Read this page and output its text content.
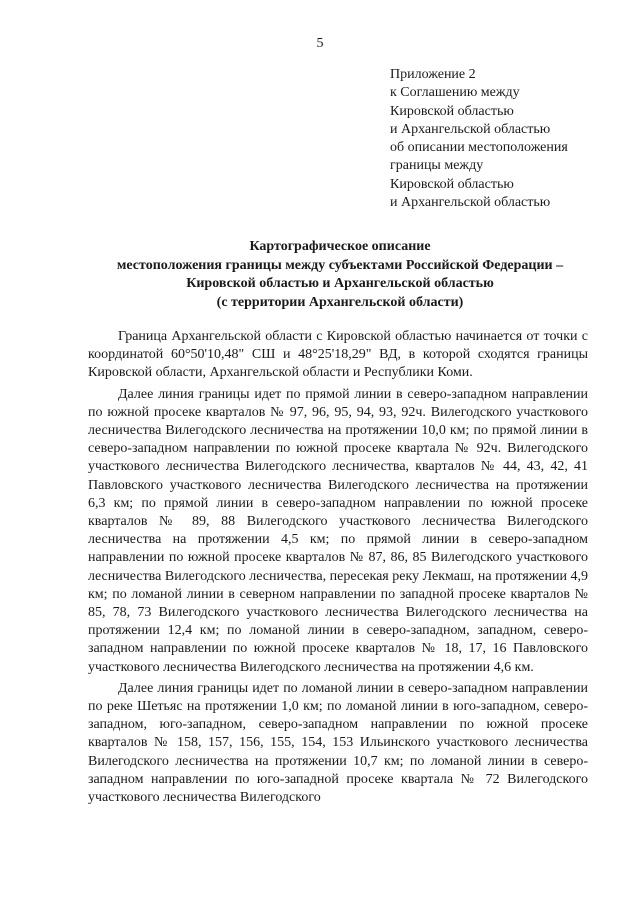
5
Приложение 2
к Соглашению между
Кировской областью
и Архангельской областью
об описании местоположения
границы между
Кировской областью
и Архангельской областью
Картографическое описание
местоположения границы между субъектами Российской Федерации –
Кировской областью и Архангельской областью
(с территории Архангельской области)

Граница Архангельской области с Кировской областью начинается от точки с координатой 60°50'10,48" СШ и 48°25'18,29" ВД, в которой сходятся границы Кировской области, Архангельской области и Республики Коми.

Далее линия границы идет по прямой линии в северо-западном направлении по южной просеке кварталов № 97, 96, 95, 94, 93, 92ч. Вилегодского участкового лесничества Вилегодского лесничества на протяжении 10,0 км; по прямой линии в северо-западном направлении по южной просеке квартала № 92ч. Вилегодского участкового лесничества Вилегодского лесничества, кварталов № 44, 43, 42, 41 Павловского участкового лесничества Вилегодского лесничества на протяжении 6,3 км; по прямой линии в северо-западном направлении по южной просеке кварталов № 89, 88 Вилегодского участкового лесничества Вилегодского лесничества на протяжении 4,5 км; по прямой линии в северо-западном направлении по южной просеке кварталов № 87, 86, 85 Вилегодского участкового лесничества Вилегодского лесничества, пересекая реку Лекмаш, на протяжении 4,9 км; по ломаной линии в северном направлении по западной просеке кварталов № 85, 78, 73 Вилегодского участкового лесничества Вилегодского лесничества на протяжении 12,4 км; по ломаной линии в северо-западном, западном, северо-западном направлении по южной просеке кварталов № 18, 17, 16 Павловского участкового лесничества Вилегодского лесничества на протяжении 4,6 км.

Далее линия границы идет по ломаной линии в северо-западном направлении по реке Шетьяс на протяжении 1,0 км; по ломаной линии в юго-западном, северо-западном, юго-западном, северо-западном направлении по южной просеке кварталов № 158, 157, 156, 155, 154, 153 Ильинского участкового лесничества Вилегодского лесничества на протяжении 10,7 км; по ломаной линии в северо-западном направлении по юго-западной просеке квартала № 72 Вилегодского участкового лесничества Вилегодского
